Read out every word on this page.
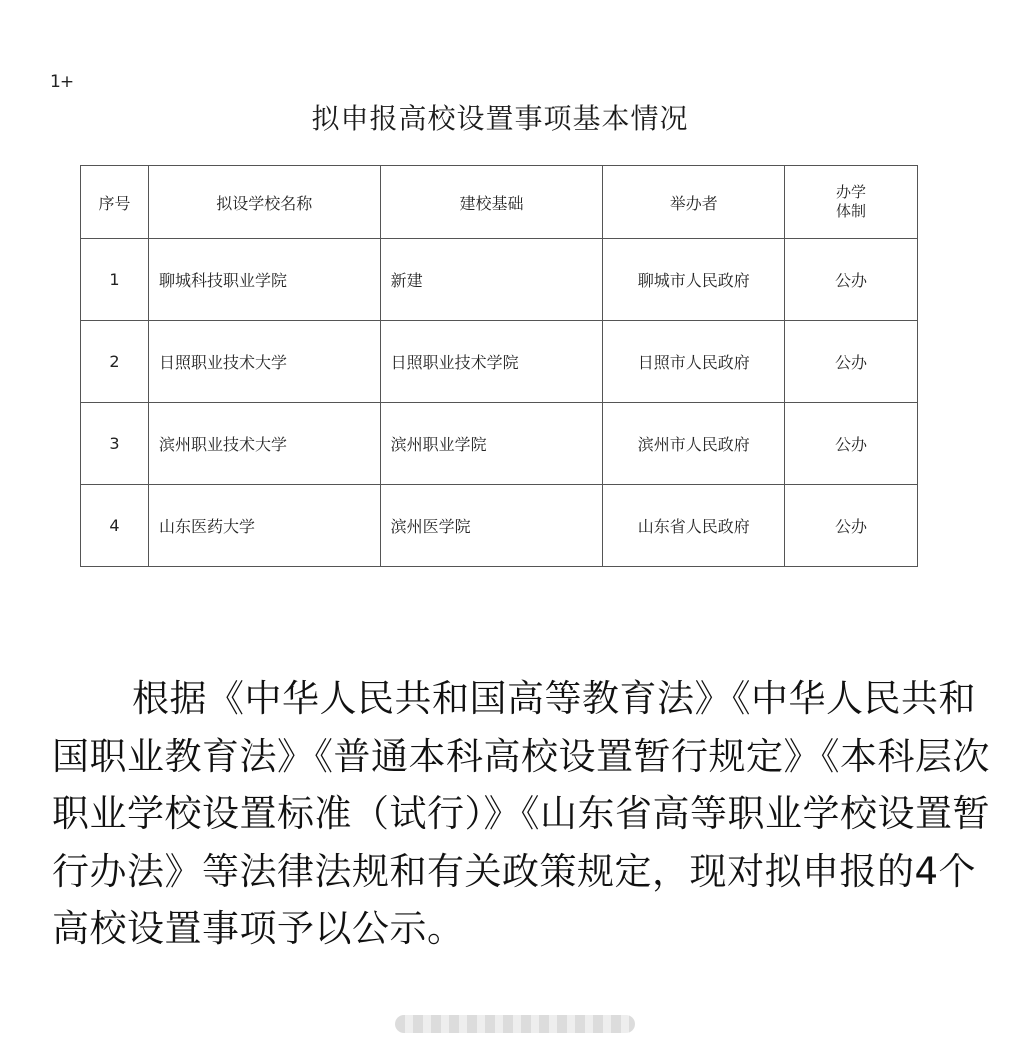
1+
拟申报高校设置事项基本情况
序号	拟设学校名称	建校基础	举办者	办学
体制
1	聊城科技职业学院	新建	聊城市人民政府	公办
2	日照职业技术大学	日照职业技术学院	日照市人民政府	公办
3	滨州职业技术大学	滨州职业学院	滨州市人民政府	公办
4	山东医药大学	滨州医学院	山东省人民政府	公办

根据《中华人民共和国高等教育法》《中华人民共和国职业教育法》《普通本科高校设置暂行规定》《本科层次职业学校设置标准（试行）》《山东省高等职业学校设置暂行办法》等法律法规和有关政策规定，现对拟申报的4个高校设置事项予以公示。
